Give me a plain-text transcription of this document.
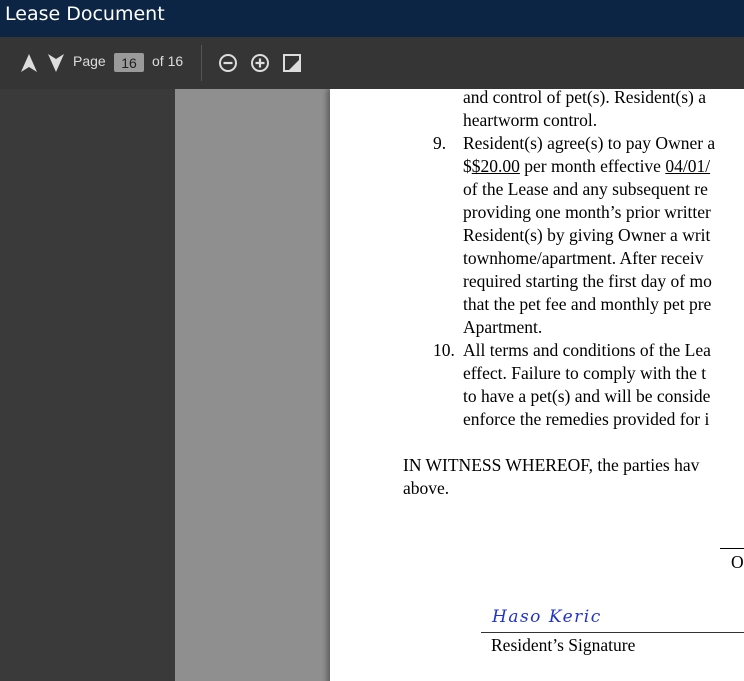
Lease Document
Page
16	of 16
and control of pet(s). Resident(s) a
heartworm control.
9. Resident(s) agree(s) to pay Owner a
$$20.00 per month effective 04/01/
of the Lease and any subsequent re
providing one month’s prior writter
Resident(s) by giving Owner a writ
townhome/apartment. After receiv
required starting the first day of mo
that the pet fee and monthly pet pre
Apartment.
10. All terms and conditions of the Lea
effect. Failure to comply with the t
to have a pet(s) and will be conside
enforce the remedies provided for i
IN WITNESS WHEREOF, the parties hav
above.
O
Haso Keric
Resident’s Signature
